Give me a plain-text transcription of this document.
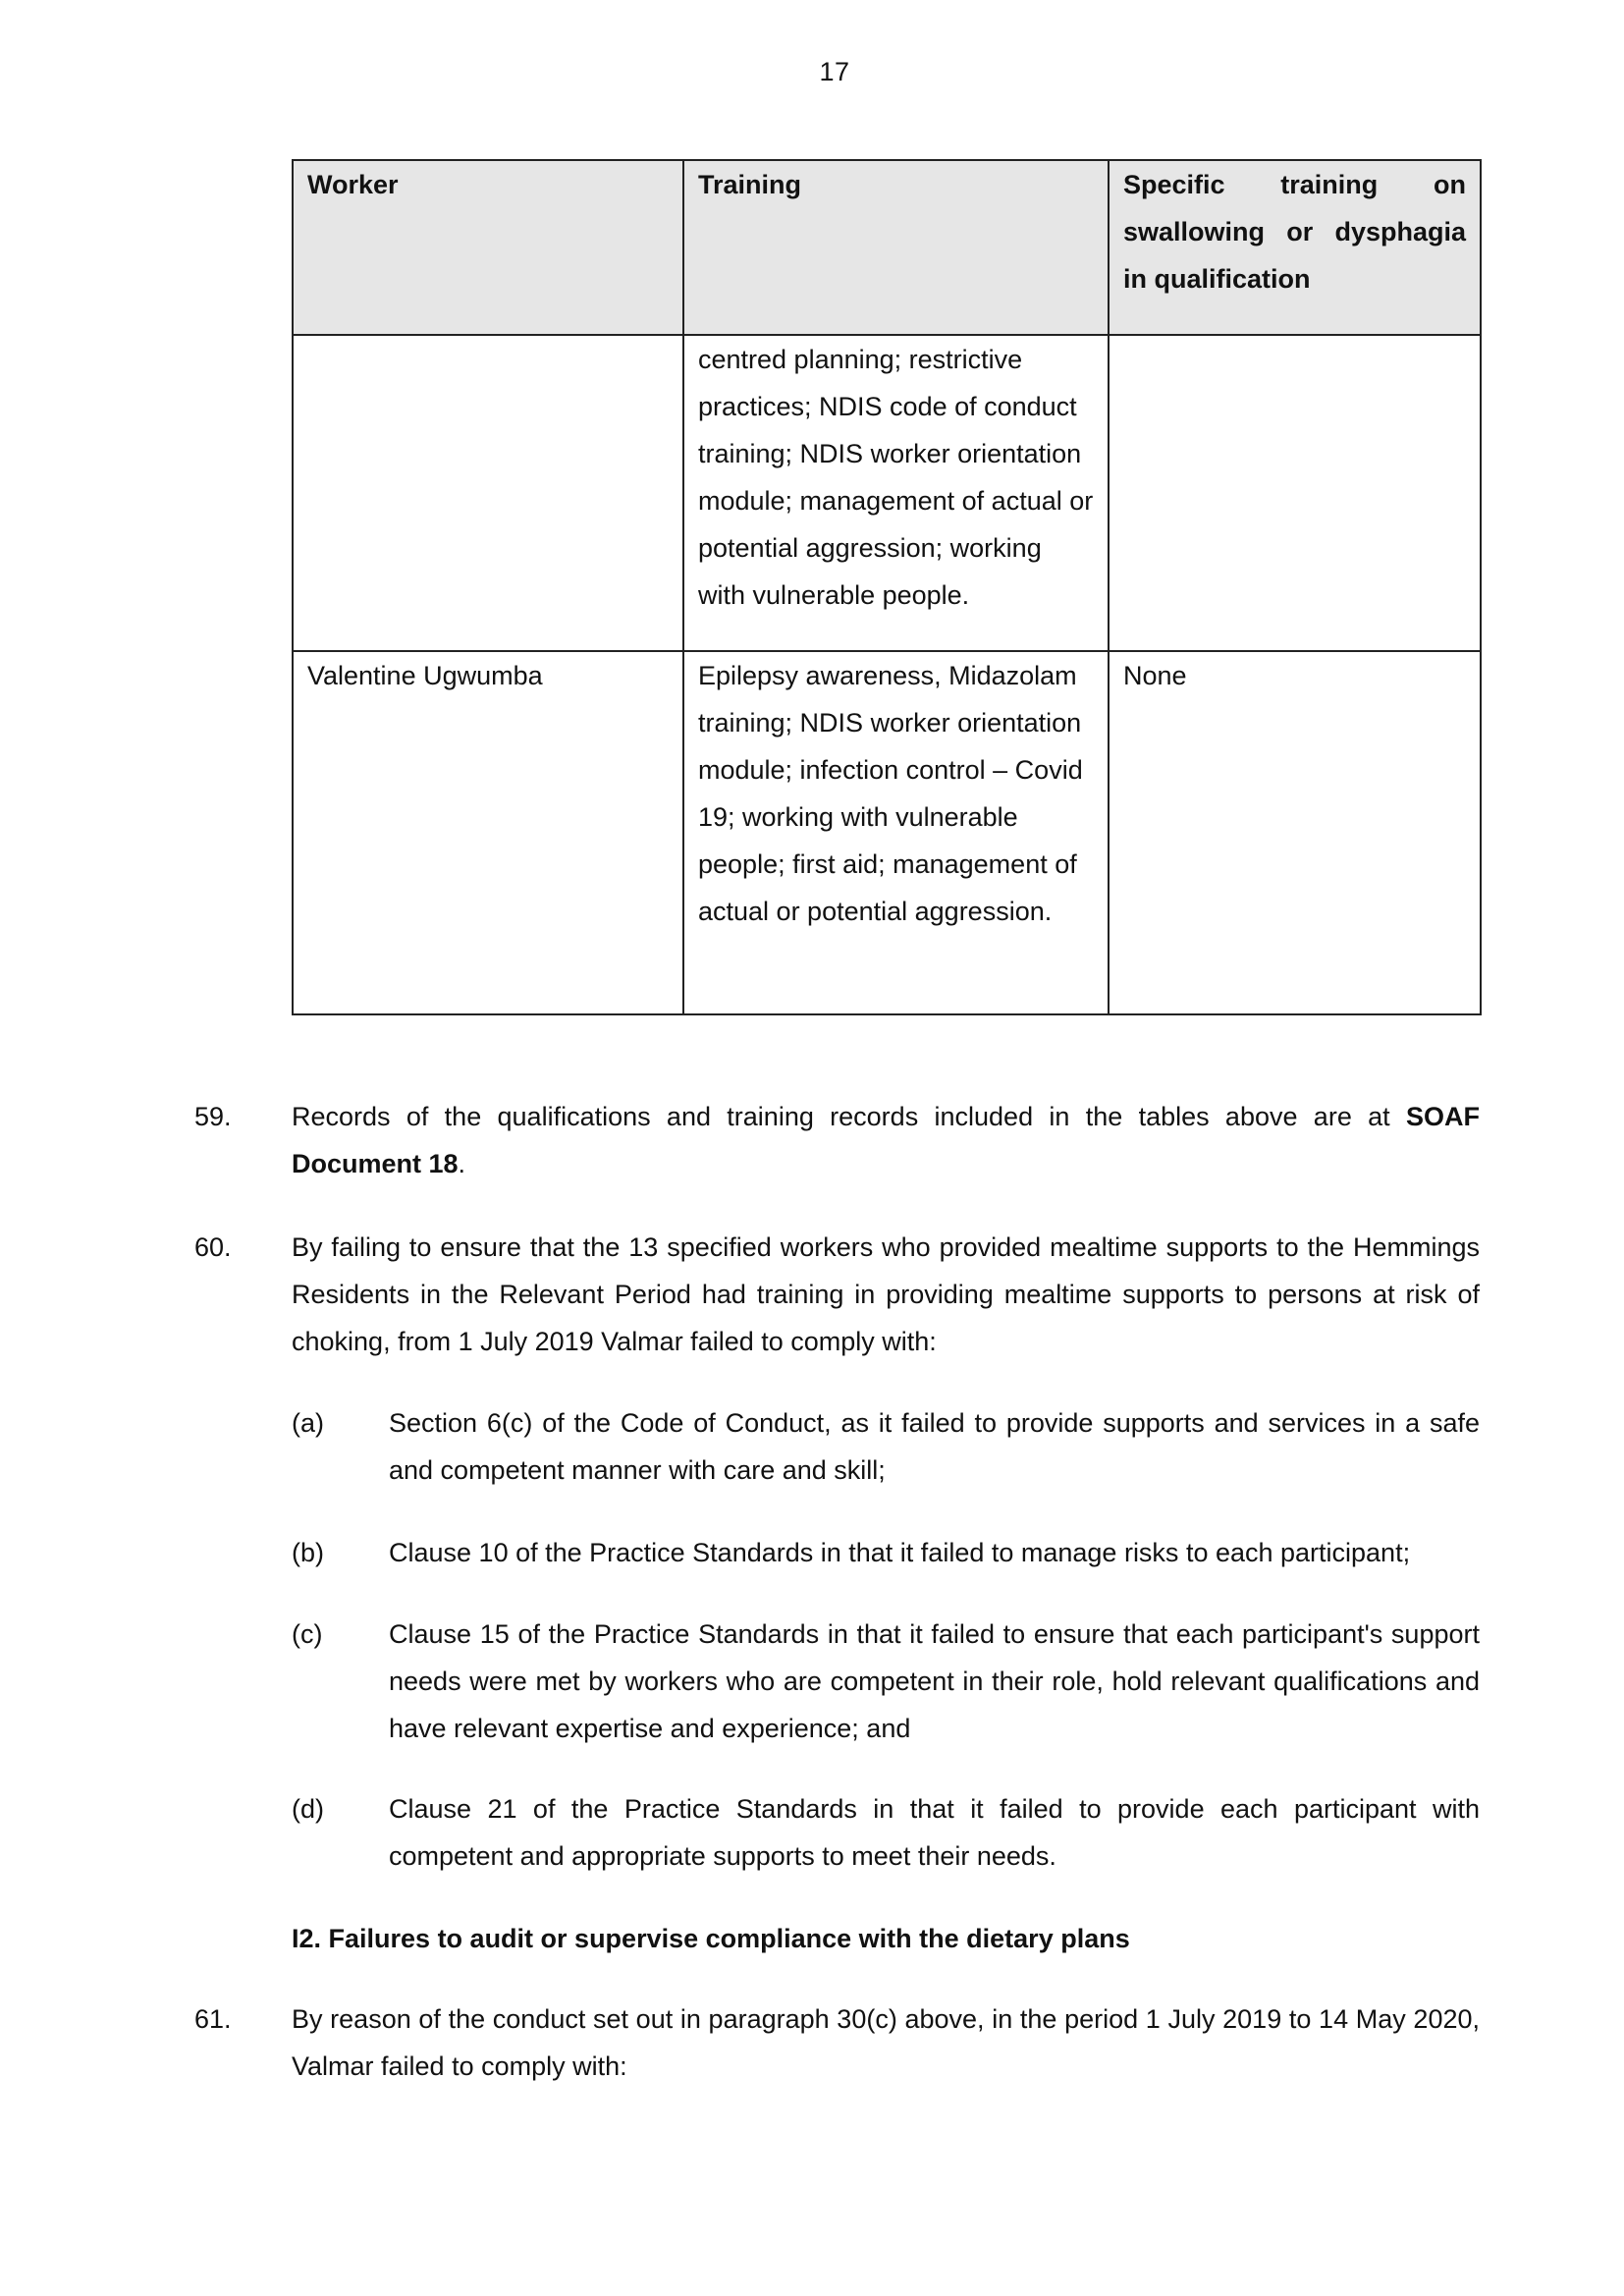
17
Worker	Training	Specific training on swallowing or dysphagia in qualification

	centred planning; restrictive practices; NDIS code of conduct training; NDIS worker orientation module; management of actual or potential aggression; working with vulnerable people.	
Valentine Ugwumba	Epilepsy awareness, Midazolam training; NDIS worker orientation module; infection control – Covid 19; working with vulnerable people; first aid; management of actual or potential aggression.	None
59. Records of the qualifications and training records included in the tables above are at SOAF Document 18.
60. By failing to ensure that the 13 specified workers who provided mealtime supports to the Hemmings Residents in the Relevant Period had training in providing mealtime supports to persons at risk of choking, from 1 July 2019 Valmar failed to comply with:
(a) Section 6(c) of the Code of Conduct, as it failed to provide supports and services in a safe and competent manner with care and skill;
(b) Clause 10 of the Practice Standards in that it failed to manage risks to each participant;
(c)	Clause 15 of the Practice Standards in that it failed to ensure that each participant's support needs were met by workers who are competent in their role, hold relevant qualifications and have relevant expertise and experience; and
(d) Clause 21 of the Practice Standards in that it failed to provide each participant with competent and appropriate supports to meet their needs.
I2. Failures to audit or supervise compliance with the dietary plans
61. By reason of the conduct set out in paragraph 30(c) above, in the period 1 July 2019 to 14 May 2020, Valmar failed to comply with:
